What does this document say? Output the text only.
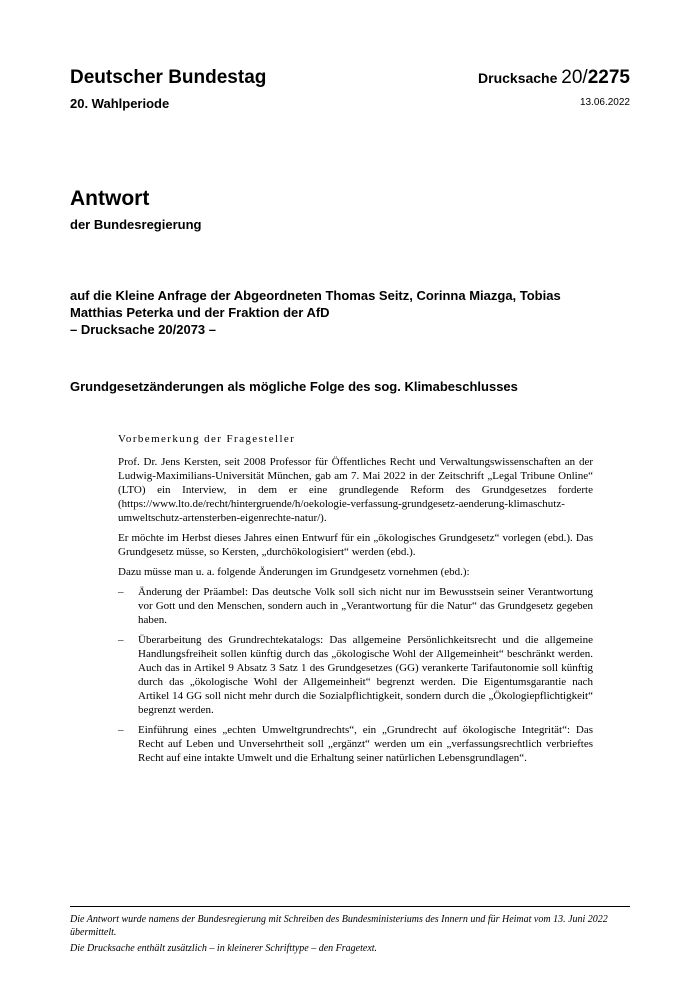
Deutscher Bundestag

20. Wahlperiode

Drucksache 20/2275
13.06.2022
Antwort

der Bundesregierung

auf die Kleine Anfrage der Abgeordneten Thomas Seitz, Corinna Miazga, Tobias
Matthias Peterka und der Fraktion der AfD
– Drucksache 20/2073 –

Grundgesetzänderungen als mögliche Folge des sog. Klimabeschlusses

Vorbemerkung der Fragesteller

Prof. Dr. Jens Kersten, seit 2008 Professor für Öffentliches Recht und Verwaltungswissenschaften an der Ludwig-Maximilians-Universität München, gab am 7. Mai 2022 in der Zeitschrift „Legal Tribune Online“ (LTO) ein Interview, in dem er eine grundlegende Reform des Grundgesetzes forderte (https://www.lto.de/recht/hintergruende/h/oekologie-verfassung-grundgesetz-aenderung-klimaschutz-umweltschutz-artensterben-eigenrechte-natur/).

Er möchte im Herbst dieses Jahres einen Entwurf für ein „ökologisches Grundgesetz“ vorlegen (ebd.). Das Grundgesetz müsse, so Kersten, „durchökologisiert“ werden (ebd.).

Dazu müsse man u. a. folgende Änderungen im Grundgesetz vornehmen (ebd.):

– Änderung der Präambel: Das deutsche Volk soll sich nicht nur im Bewusstsein seiner Verantwortung vor Gott und den Menschen, sondern auch in „Verantwortung für die Natur“ das Grundgesetz gegeben haben.
– Überarbeitung des Grundrechtekatalogs: Das allgemeine Persönlichkeitsrecht und die allgemeine Handlungsfreiheit sollen künftig durch das „ökologische Wohl der Allgemeinheit“ beschränkt werden. Auch das in Artikel 9 Absatz 3 Satz 1 des Grundgesetzes (GG) verankerte Tarifautonomie soll künftig durch das „ökologische Wohl der Allgemeinheit“ begrenzt werden. Die Eigentumsgarantie nach Artikel 14 GG soll nicht mehr durch die Sozialpflichtigkeit, sondern durch die „Ökologiepflichtigkeit“ begrenzt werden.
– Einführung eines „echten Umweltgrundrechts“, ein „Grundrecht auf ökologische Integrität“: Das Recht auf Leben und Unversehrtheit soll „ergänzt“ werden um ein „verfassungsrechtlich verbrieftes Recht auf eine intakte Umwelt und die Erhaltung seiner natürlichen Lebensgrundlagen“.

Die Antwort wurde namens der Bundesregierung mit Schreiben des Bundesministeriums des Innern und für Heimat vom 13. Juni 2022 übermittelt.

Die Drucksache enthält zusätzlich – in kleinerer Schrifttype – den Fragetext.
